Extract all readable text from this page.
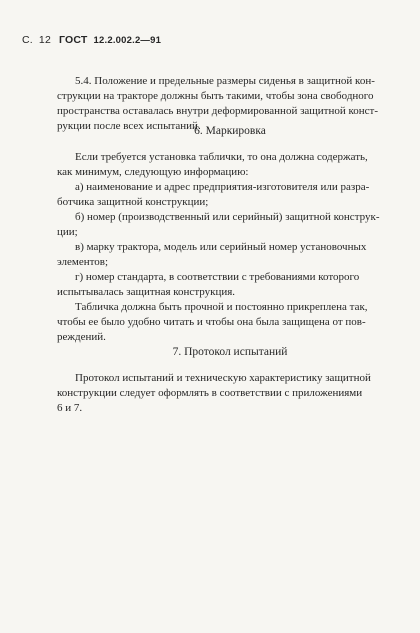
С. 12 ГОСТ 12.2.002.2—91
5.4. Положение и предельные размеры сиденья в защитной кон-
струкции на тракторе должны быть такими, чтобы зона свободного
пространства оставалась внутри деформированной защитной конст-
рукции после всех испытаний.
6. Маркировка
Если требуется установка таблички, то она должна содержать,
как минимум, следующую информацию:
а) наименование и адрес предприятия-изготовителя или разра-
ботчика защитной конструкции;
б) номер (производственный или серийный) защитной конструк-
ции;
в) марку трактора, модель или серийный номер установочных
элементов;
г) номер стандарта, в соответствии с требованиями которого
испытывалась защитная конструкция.
Табличка должна быть прочной и постоянно прикреплена так,
чтобы ее было удобно читать и чтобы она была защищена от пов-
реждений.
7. Протокол испытаний
Протокол испытаний и техническую характеристику защитной
конструкции следует оформлять в соответствии с приложениями
6 и 7.
